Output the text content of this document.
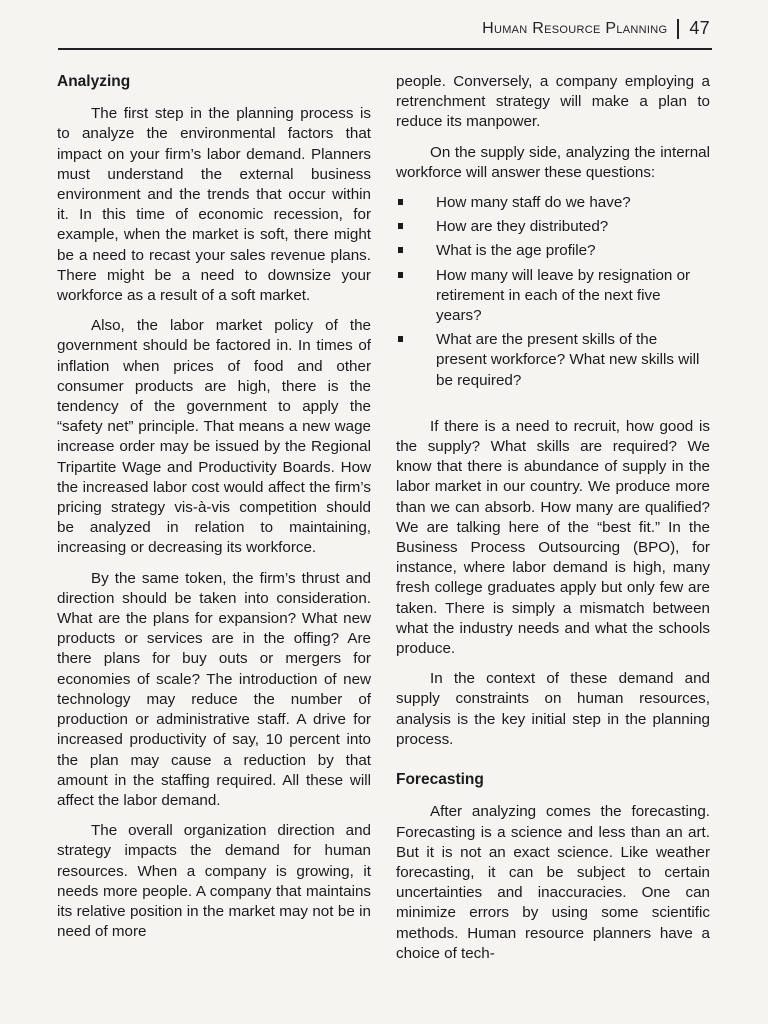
Human Resource Planning 47
Analyzing

The first step in the planning process is to analyze the environmental factors that impact on your firm’s labor demand. Planners must understand the external business environment and the trends that occur within it. In this time of economic recession, for example, when the market is soft, there might be a need to recast your sales revenue plans. There might be a need to downsize your workforce as a result of a soft market.

Also, the labor market policy of the government should be factored in. In times of inflation when prices of food and other consumer products are high, there is the tendency of the government to apply the “safety net” principle. That means a new wage increase order may be issued by the Regional Tripartite Wage and Productivity Boards. How the increased labor cost would affect the firm’s pricing strategy vis-à-vis competition should be analyzed in relation to maintaining, increasing or decreasing its workforce.

By the same token, the firm’s thrust and direction should be taken into consideration. What are the plans for expansion? What new products or services are in the offing? Are there plans for buy outs or mergers for economies of scale? The introduction of new technology may reduce the number of production or administrative staff. A drive for increased productivity of say, 10 percent into the plan may cause a reduction by that amount in the staffing required. All these will affect the labor demand.

The overall organization direction and strategy impacts the demand for human resources. When a company is growing, it needs more people. A company that maintains its relative position in the market may not be in need of more

people. Conversely, a company employing a retrenchment strategy will make a plan to reduce its manpower.

On the supply side, analyzing the internal workforce will answer these questions:

How many staff do we have?
How are they distributed?
What is the age profile?
How many will leave by resignation or retirement in each of the next five years?
What are the present skills of the present workforce? What new skills will be required?

If there is a need to recruit, how good is the supply? What skills are required? We know that there is abundance of supply in the labor market in our country. We produce more than we can absorb. How many are qualified? We are talking here of the “best fit.” In the Business Process Outsourcing (BPO), for instance, where labor demand is high, many fresh college graduates apply but only few are taken. There is simply a mismatch between what the industry needs and what the schools produce.

In the context of these demand and supply constraints on human resources, analysis is the key initial step in the planning process.

Forecasting

After analyzing comes the forecasting. Forecasting is a science and less than an art. But it is not an exact science. Like weather forecasting, it can be subject to certain uncertainties and inaccuracies. One can minimize errors by using some scientific methods. Human resource planners have a choice of tech-
